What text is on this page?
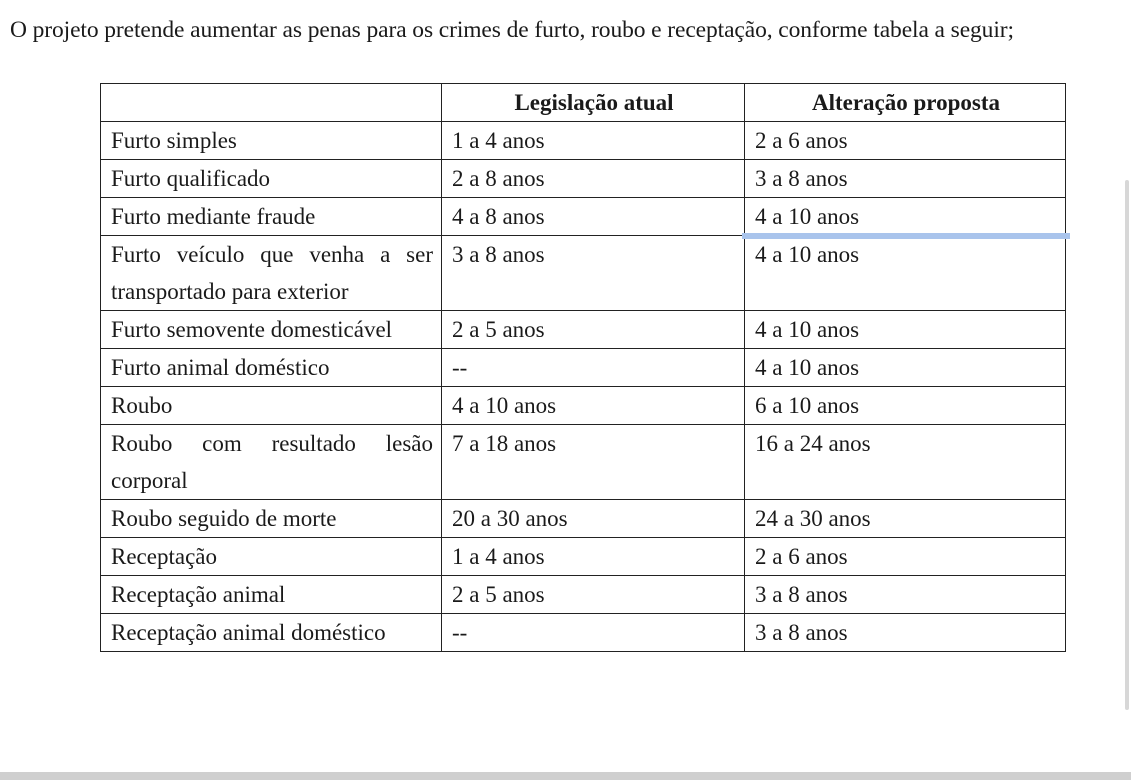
O projeto pretende aumentar as penas para os crimes de furto, roubo e receptação, conforme tabela a seguir;

	Legislação atual	Alteração proposta
Furto simples	1 a 4 anos	2 a 6 anos
Furto qualificado	2 a 8 anos	3 a 8 anos
Furto mediante fraude	4 a 8 anos	4 a 10 anos
Furto veículo que venha a ser transportado para exterior	3 a 8 anos	4 a 10 anos
Furto semovente domesticável	2 a 5 anos	4 a 10 anos
Furto animal doméstico	--	4 a 10 anos
Roubo	4 a 10 anos	6 a 10 anos
Roubo com resultado lesão corporal	7 a 18 anos	16 a 24 anos
Roubo seguido de morte	20 a 30 anos	24 a 30 anos
Receptação	1 a 4 anos	2 a 6 anos
Receptação animal	2 a 5 anos	3 a 8 anos
Receptação animal doméstico	--	3 a 8 anos
